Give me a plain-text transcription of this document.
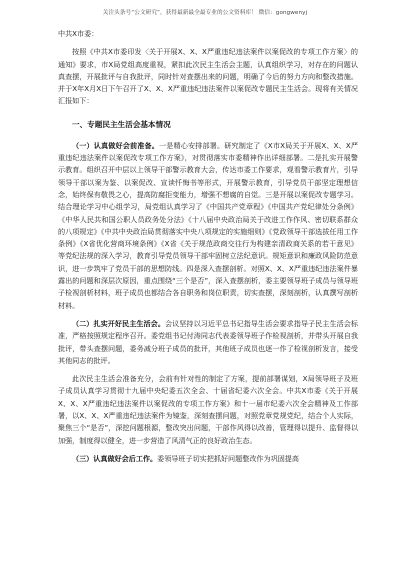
关注头条号“公文研究”，获得最新最全最专业的公文资料库！ 微信：gongwenyj

中共X市委：

按照《中共X市委印发〈关于开展X、X、X严重违纪违法案件以案促改的专项工作方案〉的通知》要求，市X局党组高度重视，紧扣此次民主生活会主题，认真组织学习，对存在的问题认真查摆，开展批评与自我批评，同时针对查摆出来的问题，明确了今后的努力方向和整改措施。并于X年X月X日下午召开了X、X、X严重违纪违法案件以案促改专题民主生活会。现将有关情况汇报如下：

一、专题民主生活会基本情况

（一）认真做好会前准备。一是精心安排部署。研究制定了《X市X局关于开展X、X、X严重违纪违法案件以案促改专项工作方案》，对贯彻落实市委精神作出详细部署。二是扎实开展警示教育。组织召开中层以上领导干部警示教育大会，传达市委工作要求，观看警示教育片，引导领导干部以案为鉴、以案促改、宣读忏悔书等形式，开展警示教育，引导党员干部坚定理想信念，始终保有敬畏之心，提高防腐拒变能力，增强不想腐的自觉。三是开展以案促改专题学习。结合理论学习中心组学习，局党组认真学习了《中国共产党章程》《中国共产党纪律处分条例》《中华人民共和国公职人员政务处分法》《十八届中央政治局关于改进工作作风、密切联系群众的八项规定》《中共中央政治局贯彻落实中央八项规定的实施细则》《党政领导干部选拔任用工作条例》《X省优化营商环境条例》《X省《关于规范政商交往行为构建亲清政商关系的若干意见》等党纪法规的深入学习，教育引导党员领导干部牢固树立法纪意识。规矩意识和廉政风险防范意识，进一步筑牢了党员干部的思想防线。四是深入查摆剖析。对照X、X、X严重违纪违法案件暴露出的问题和深层次原因，重点围绕“三个是否”，深入查摆剖析，委主要领导班子成员与领导班子检视剖析材料，班子成员也都结合各自职务和岗位职责，切实查摆，深刻剖析，认真撰写剖析材料。

（二）扎实开好民主生活会。会议坚持以习近平总书记指导生活会要求指导子民主生活会标准，严格按照规定程序召开。委党组书记付涛同志代表委领导班子作检视剖析，并带头开展自我批评，带头查摆问题，委务减分班子成员的批评，其他班子成员也逐一作了检视剖析发言，接受其他同志的批评。

此次民主生活会准备充分，会前有针对性的制定了方案，提前部署谋划，X局领导班子及班子成员认真学习贯彻十九届中央纪委五次全会、十届省纪委六次全会。中共X市委《关于开展X、X、X严重违纪违法案件以案促改的专项工作方案》和十一届市纪委六次全会精神及工作部署，以X、X、X严重违纪违法案件为镜鉴，深刻查摆问题，对照党章党规党纪，结合个人实际，聚焦三个“是否”，深挖问题根源，整改突出问题，干部作风得以改善，管理得以提升、监督得以加强，制度得以健全，进一步营造了风清气正的良好政治生态。

（三）认真做好会后工作。委领导班子切实把抓好问题整改作为巩固提高
